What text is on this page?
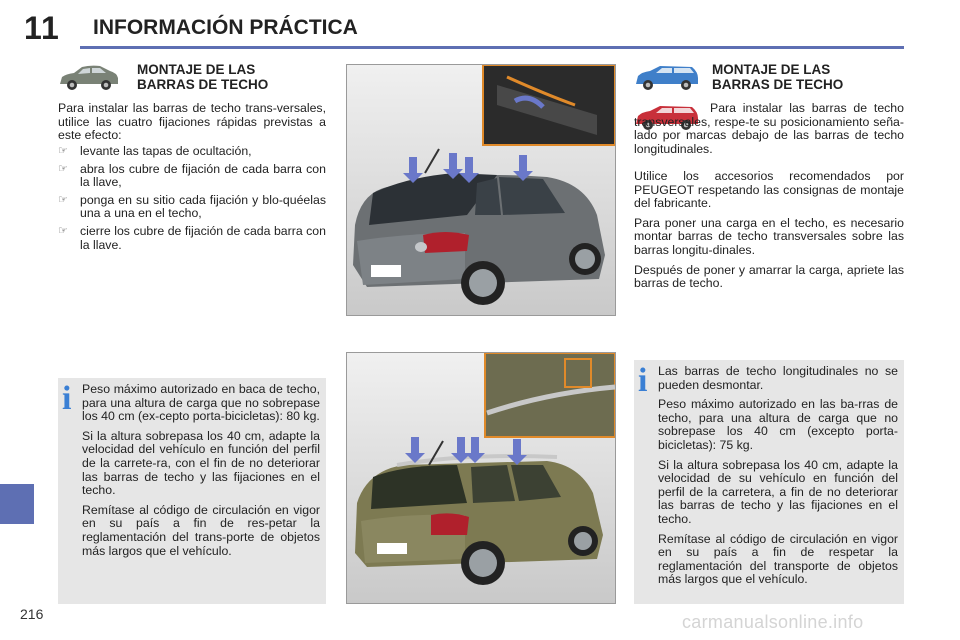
11 INFORMACIÓN PRÁCTICA
MONTAJE DE LAS
BARRAS DE TECHO
Para instalar las barras de techo trans-versales, utilice las cuatro fijaciones rápidas previstas a este efecto:
☞ levante las tapas de ocultación,
☞ abra los cubre de fijación de cada barra con la llave,
☞ ponga en su sitio cada fijación y blo-quéelas una a una en el techo,
☞ cierre los cubre de fijación de cada barra con la llave.
i Peso máximo autorizado en baca de techo, para una altura de carga que no sobrepase los 40 cm (ex-cepto porta-bicicletas): 80 kg.

Si la altura sobrepasa los 40 cm, adapte la velocidad del vehículo en función del perfil de la carrete-ra, con el fin de no deteriorar las barras de techo y las fijaciones en el techo.

Remítase al código de circulación en vigor en su país a fin de res-petar la reglamentación del trans-porte de objetos más largos que el vehículo.

MONTAJE DE LAS
BARRAS DE TECHO
Para instalar las barras de techo transversales, respe-te su posicionamiento seña-lado por marcas debajo de las barras de techo longitudinales.

Utilice los accesorios recomendados por PEUGEOT respetando las consignas de montaje del fabricante.

Para poner una carga en el techo, es necesario montar barras de techo transversales sobre las barras longitu-dinales.

Después de poner y amarrar la carga, apriete las barras de techo.

i Las barras de techo longitudinales no se pueden desmontar.

Peso máximo autorizado en las ba-rras de techo, para una altura de carga que no sobrepase los 40 cm (excepto porta-bicicletas): 75 kg.

Si la altura sobrepasa los 40 cm, adapte la velocidad de su vehículo en función del perfil de la carretera, a fin de no deteriorar las barras de techo y las fijaciones en el techo.

Remítase al código de circulación en vigor en su país a fin de respetar la reglamentación del transporte de objetos más largos que el vehículo.

216	carmanualsonline.info
